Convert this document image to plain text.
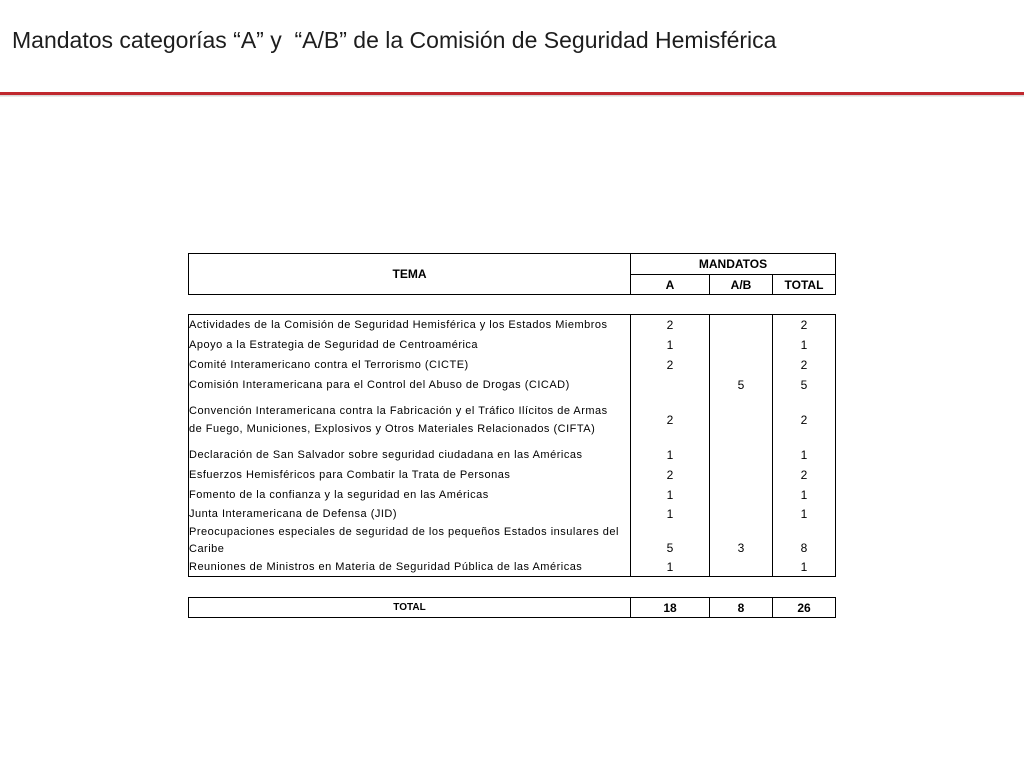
Mandatos categorías “A” y  “A/B” de la Comisión de Seguridad Hemisférica
TEMA	MANDATOS		
	A	A/B	TOTAL
Actividades de la Comisión de Seguridad Hemisférica y los Estados Miembros	2		2
Apoyo a la Estrategia de Seguridad de Centroamérica	1		1
Comité Interamericano contra el Terrorismo (CICTE)	2		2
Comisión Interamericana para el Control del Abuso de Drogas (CICAD)		5	5
Convención Interamericana contra la Fabricación y el Tráfico Ilícitos de Armas
de Fuego, Municiones, Explosivos y Otros Materiales Relacionados (CIFTA)	2		2
Declaración de San Salvador sobre seguridad ciudadana en las Américas	1		1
Esfuerzos Hemisféricos para Combatir la Trata de Personas	2		2
Fomento de la confianza y la seguridad en las Américas	1		1
Junta Interamericana de Defensa (JID)	1		1
Preocupaciones especiales de seguridad de los pequeños Estados insulares del
Caribe	5	3	8
Reuniones de Ministros en Materia de Seguridad Pública de las Américas	1		1
TOTAL	18	8	26
